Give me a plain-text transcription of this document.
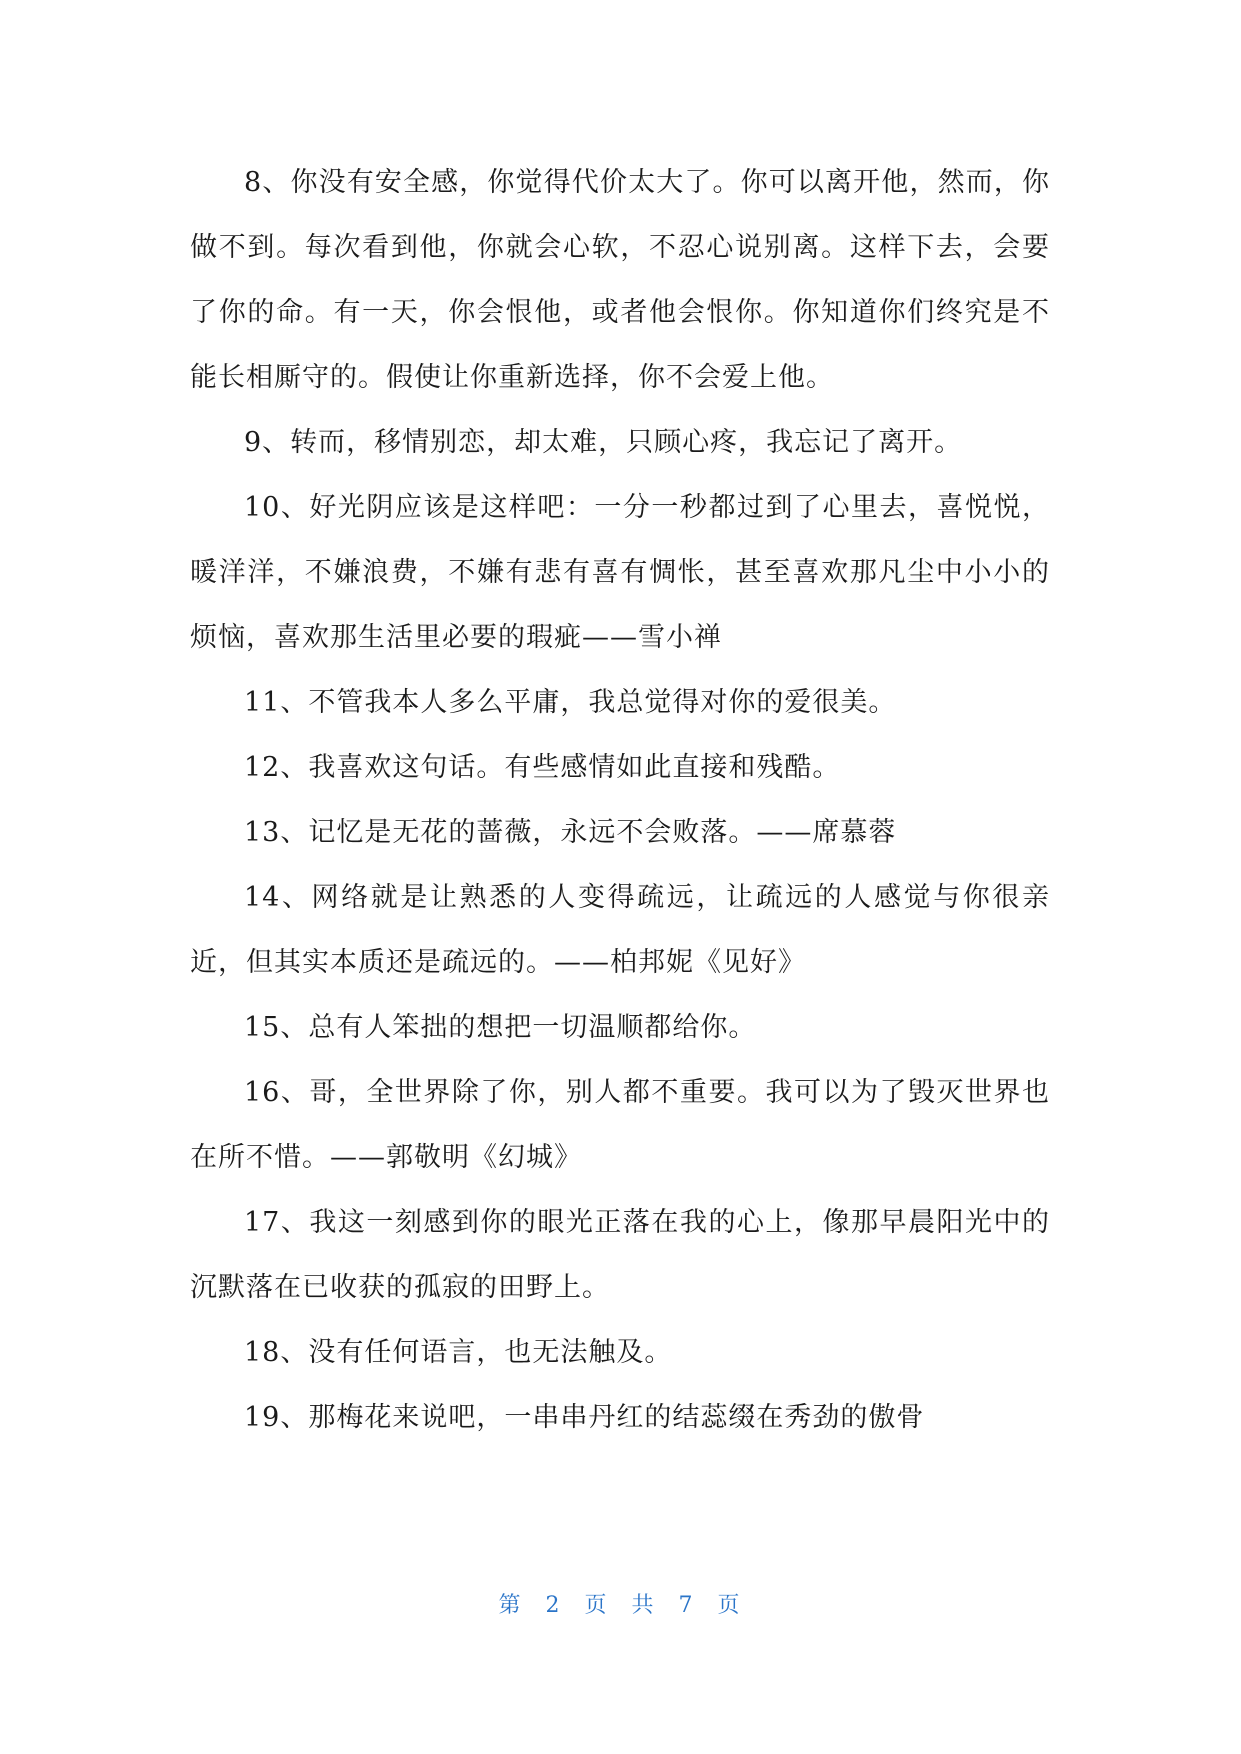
8、你没有安全感，你觉得代价太大了。你可以离开他，然而，你做不到。每次看到他，你就会心软，不忍心说别离。这样下去，会要了你的命。有一天，你会恨他，或者他会恨你。你知道你们终究是不能长相厮守的。假使让你重新选择，你不会爱上他。

9、转而，移情别恋，却太难，只顾心疼，我忘记了离开。

10、好光阴应该是这样吧：一分一秒都过到了心里去，喜悦悦，暖洋洋，不嫌浪费，不嫌有悲有喜有惆怅，甚至喜欢那凡尘中小小的烦恼，喜欢那生活里必要的瑕疵——雪小禅

11、不管我本人多么平庸，我总觉得对你的爱很美。

12、我喜欢这句话。有些感情如此直接和残酷。

13、记忆是无花的蔷薇，永远不会败落。——席慕蓉

14、网络就是让熟悉的人变得疏远，让疏远的人感觉与你很亲近，但其实本质还是疏远的。——柏邦妮《见好》

15、总有人笨拙的想把一切温顺都给你。

16、哥，全世界除了你，别人都不重要。我可以为了毁灭世界也在所不惜。——郭敬明《幻城》

17、我这一刻感到你的眼光正落在我的心上，像那早晨阳光中的沉默落在已收获的孤寂的田野上。

18、没有任何语言，也无法触及。

19、那梅花来说吧，一串串丹红的结蕊缀在秀劲的傲骨

第 2 页 共 7 页
